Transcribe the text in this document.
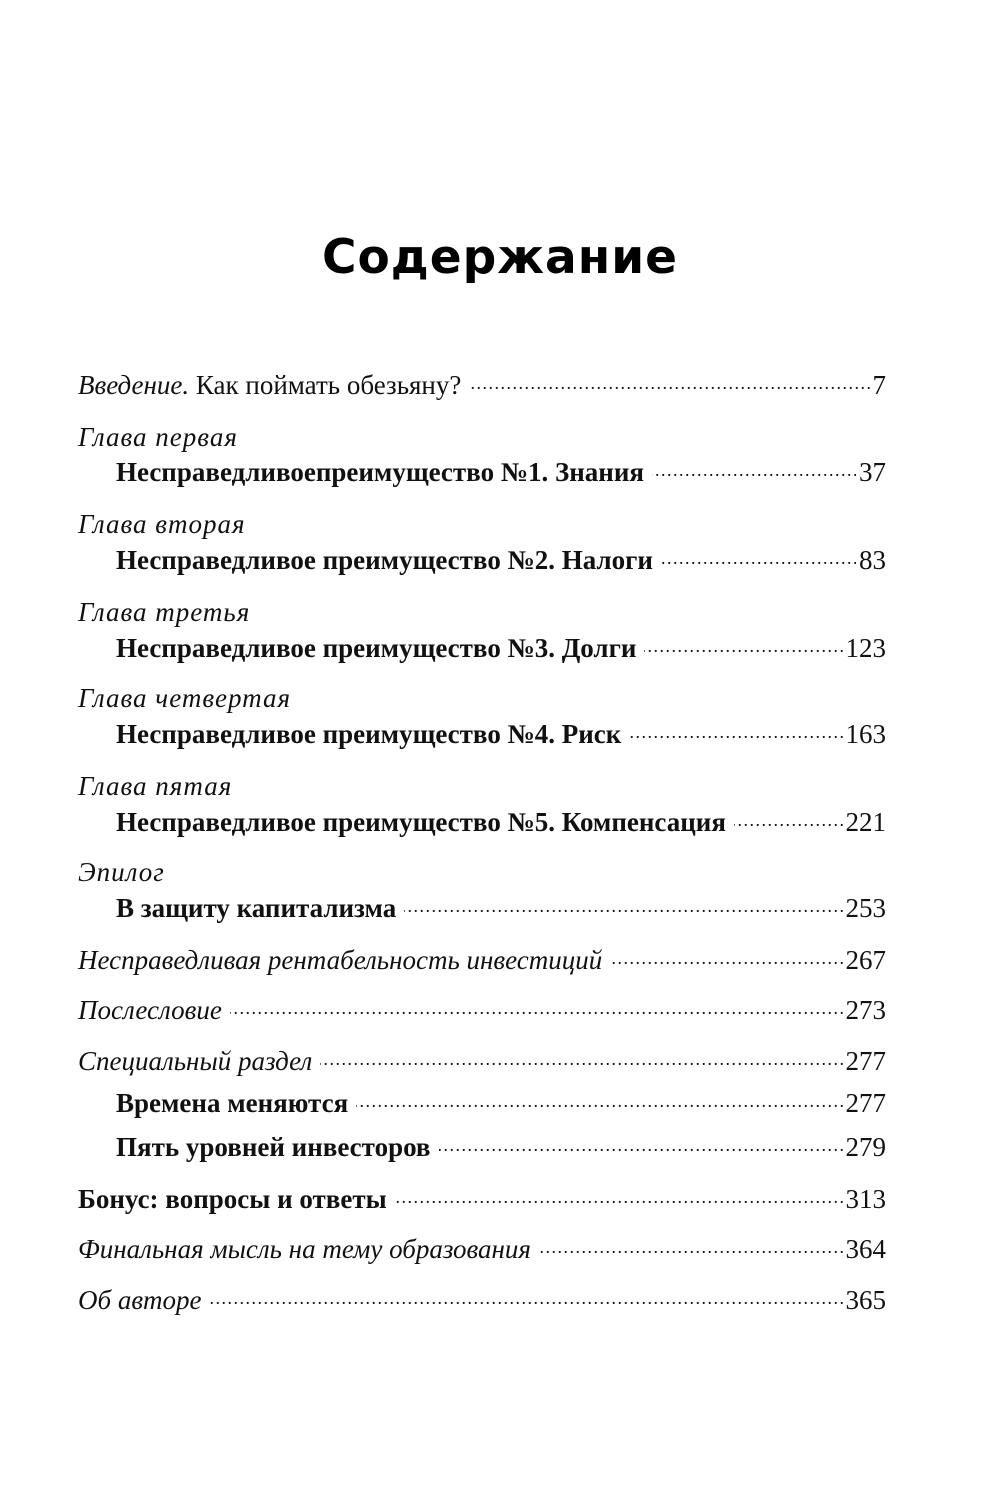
Содержание
Введение. Как поймать обезьяну? . . .	7
Глава первая
Несправедливоепреимущество №1. Знания . . .	37
Глава вторая
Несправедливое преимущество №2. Налоги . . .	83
Глава третья
Несправедливое преимущество №3. Долги . . .	123
Глава четвертая
Несправедливое преимущество №4. Риск . . .	163
Глава пятая
Несправедливое преимущество №5. Компенсация . . .	221
Эпилог
В защиту капитализма . . .	253
Несправедливая рентабельность инвестиций . . .	267
Послесловие . . .	273
Специальный раздел . . .	277
Времена меняются . . .	277
Пять уровней инвесторов . . .	279
Бонус: вопросы и ответы . . .	313
Финальная мысль на тему образования . . .	364
Об авторе . . .	365
